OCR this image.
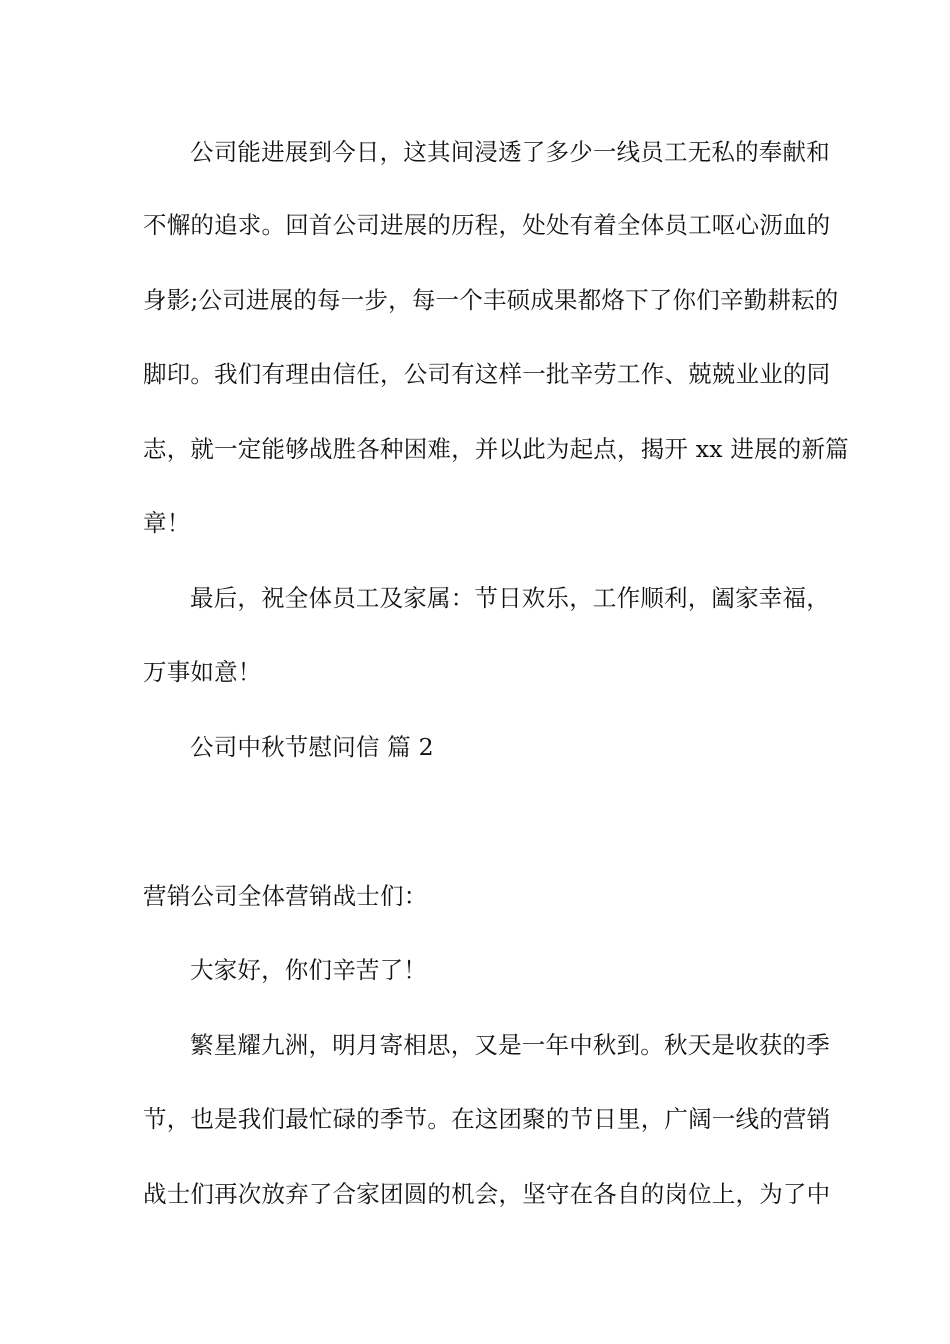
公司能进展到今日，这其间浸透了多少一线员工无私的奉献和
不懈的追求。回首公司进展的历程，处处有着全体员工呕心沥血的
身影;公司进展的每一步，每一个丰硕成果都烙下了你们辛勤耕耘的
脚印。我们有理由信任，公司有这样一批辛劳工作、兢兢业业的同
志，就一定能够战胜各种困难，并以此为起点，揭开 xx 进展的新篇
章！
最后，祝全体员工及家属：节日欢乐，工作顺利，阖家幸福，
万事如意！
公司中秋节慰问信 篇 2
营销公司全体营销战士们：
大家好，你们辛苦了！
繁星耀九洲，明月寄相思，又是一年中秋到。秋天是收获的季
节，也是我们最忙碌的季节。在这团聚的节日里，广阔一线的营销
战士们再次放弃了合家团圆的机会，坚守在各自的岗位上，为了中
